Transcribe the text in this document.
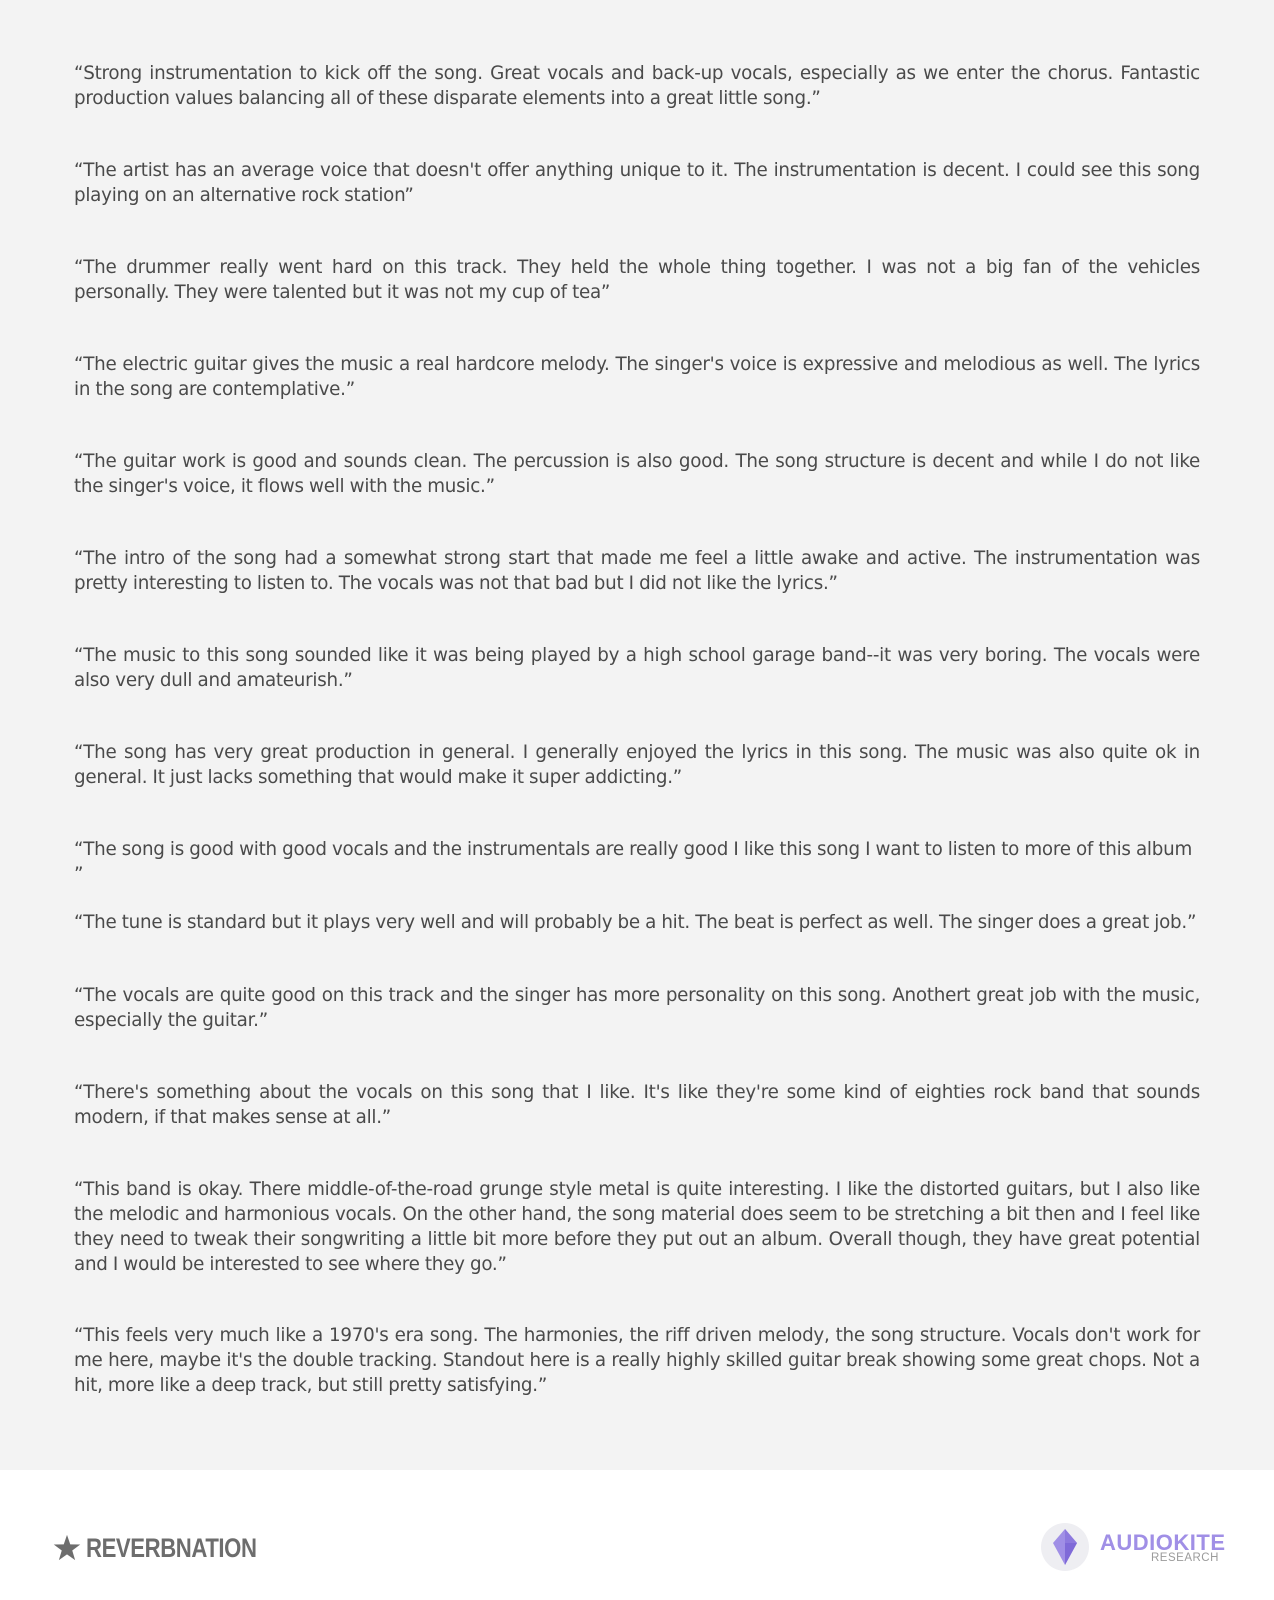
“Strong instrumentation to kick off the song. Great vocals and back-up vocals, especially as we enter the chorus. Fantastic production values balancing all of these disparate elements into a great little song.”

“The artist has an average voice that doesn't offer anything unique to it. The instrumentation is decent. I could see this song playing on an alternative rock station”

“The drummer really went hard on this track. They held the whole thing together. I was not a big fan of the vehicles personally. They were talented but it was not my cup of tea”

“The electric guitar gives the music a real hardcore melody. The singer's voice is expressive and melodious as well. The lyrics in the song are contemplative.”

“The guitar work is good and sounds clean. The percussion is also good. The song structure is decent and while I do not like the singer's voice, it flows well with the music.”

“The intro of the song had a somewhat strong start that made me feel a little awake and active. The instrumentation was pretty interesting to listen to. The vocals was not that bad but I did not like the lyrics.”

“The music to this song sounded like it was being played by a high school garage band--it was very boring. The vocals were also very dull and amateurish.”

“The song has very great production in general. I generally enjoyed the lyrics in this song. The music was also quite ok in general. It just lacks something that would make it super addicting.”

“The song is good with good vocals and the instrumentals are really good I like this song I want to listen to more of this album ”

“The tune is standard but it plays very well and will probably be a hit. The beat is perfect as well. The singer does a great job.”

“The vocals are quite good on this track and the singer has more personality on this song. Anothert great job with the music, especially the guitar.”

“There's something about the vocals on this song that I like. It's like they're some kind of eighties rock band that sounds modern, if that makes sense at all.”

“This band is okay. There middle-of-the-road grunge style metal is quite interesting. I like the distorted guitars, but I also like the melodic and harmonious vocals. On the other hand, the song material does seem to be stretching a bit then and I feel like they need to tweak their songwriting a little bit more before they put out an album. Overall though, they have great potential and I would be interested to see where they go.”

“This feels very much like a 1970's era song. The harmonies, the riff driven melody, the song structure. Vocals don't work for me here, maybe it's the double tracking. Standout here is a really highly skilled guitar break showing some great chops. Not a hit, more like a deep track, but still pretty satisfying.”

REVERBNATION	AUDIOKITE
RESEARCH
